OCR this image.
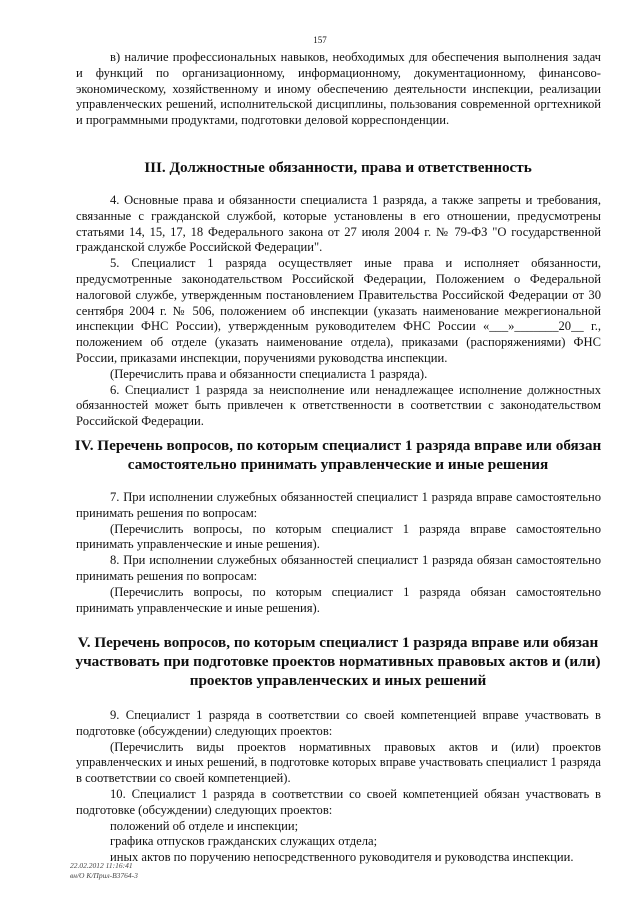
157

в) наличие профессиональных навыков, необходимых для обеспечения выполнения задач и функций по организационному, информационному, документационному, финансово-экономическому, хозяйственному и иному обеспечению деятельности инспекции, реализации управленческих решений, исполнительской дисциплины, пользования современной оргтехникой и программными продуктами, подготовки деловой корреспонденции.

III. Должностные обязанности, права и ответственность

4. Основные права и обязанности специалиста 1 разряда, а также запреты и требования, связанные с гражданской службой, которые установлены в его отношении, предусмотрены статьями 14, 15, 17, 18 Федерального закона от 27 июля 2004 г. № 79-ФЗ "О государственной гражданской службе Российской Федерации".

5. Специалист 1 разряда осуществляет иные права и исполняет обязанности, предусмотренные законодательством Российской Федерации, Положением о Федеральной налоговой службе, утвержденным постановлением Правительства Российской Федерации от 30 сентября 2004 г. № 506, положением об инспекции (указать наименование межрегиональной инспекции ФНС России), утвержденным руководителем ФНС России «___»_______20__ г., положением об отделе (указать наименование отдела), приказами (распоряжениями) ФНС России, приказами инспекции, поручениями руководства инспекции.

(Перечислить права и обязанности специалиста 1 разряда).

6. Специалист 1 разряда за неисполнение или ненадлежащее исполнение должностных обязанностей может быть привлечен к ответственности в соответствии с законодательством Российской Федерации.

IV. Перечень вопросов, по которым специалист 1 разряда вправе или обязан
самостоятельно принимать управленческие и иные решения

7. При исполнении служебных обязанностей специалист 1 разряда вправе самостоятельно принимать решения по вопросам:

(Перечислить вопросы, по которым специалист 1 разряда вправе самостоятельно принимать управленческие и иные решения).

8. При исполнении служебных обязанностей специалист 1 разряда обязан самостоятельно принимать решения по вопросам:

(Перечислить вопросы, по которым специалист 1 разряда обязан самостоятельно принимать управленческие и иные решения).

V. Перечень вопросов, по которым специалист 1 разряда вправе или обязан
участвовать при подготовке проектов нормативных правовых актов и (или)
проектов управленческих и иных решений

9. Специалист 1 разряда в соответствии со своей компетенцией вправе участвовать в подготовке (обсуждении) следующих проектов:

(Перечислить виды проектов нормативных правовых актов и (или) проектов управленческих и иных решений, в подготовке которых вправе участвовать специалист 1 разряда в соответствии со своей компетенцией).

10. Специалист 1 разряда в соответствии со своей компетенцией обязан участвовать в подготовке (обсуждении) следующих проектов:

положений об отделе и инспекции;

графика отпусков гражданских служащих отдела;

иных актов по поручению непосредственного руководителя и руководства инспекции.

22.02.2012 11:16:41
вн/О К/Прил-В3764-3
